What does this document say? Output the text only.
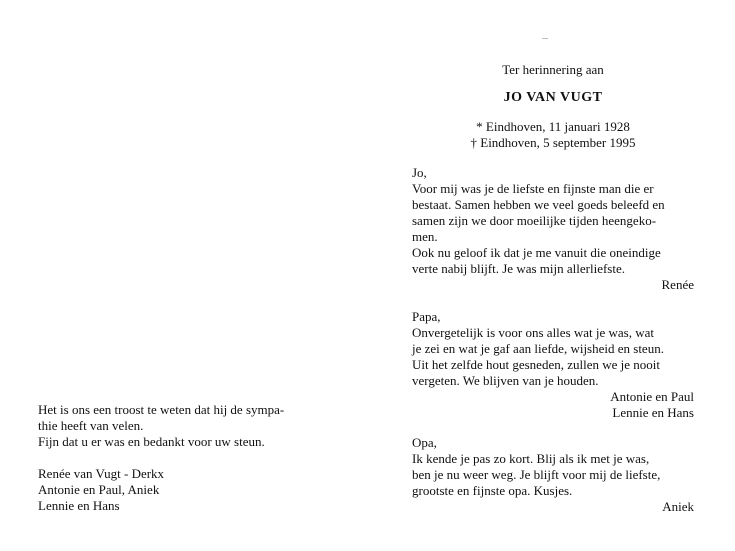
Het is ons een troost te weten dat hij de sympa-

thie heeft van velen.

Fijn dat u er was en bedankt voor uw steun.

Renée van Vugt - Derkx

Antonie en Paul, Aniek

Lennie en Hans

Ter herinnering aan

JO VAN VUGT

* Eindhoven, 11 januari 1928
† Eindhoven, 5 september 1995

Jo,

Voor mij was je de liefste en fijnste man die er
bestaat. Samen hebben we veel goeds beleefd en
samen zijn we door moeilijke tijden heengeko-
men.
Ook nu geloof ik dat je me vanuit die oneindige
verte nabij blijft. Je was mijn allerliefste.

Renée

Papa,

Onvergetelijk is voor ons alles wat je was, wat
je zei en wat je gaf aan liefde, wijsheid en steun.
Uit het zelfde hout gesneden, zullen we je nooit
vergeten. We blijven van je houden.

Antonie en Paul

Lennie en Hans

Opa,

Ik kende je pas zo kort. Blij als ik met je was,
ben je nu weer weg. Je blijft voor mij de liefste,
grootste en fijnste opa. Kusjes.

Aniek
